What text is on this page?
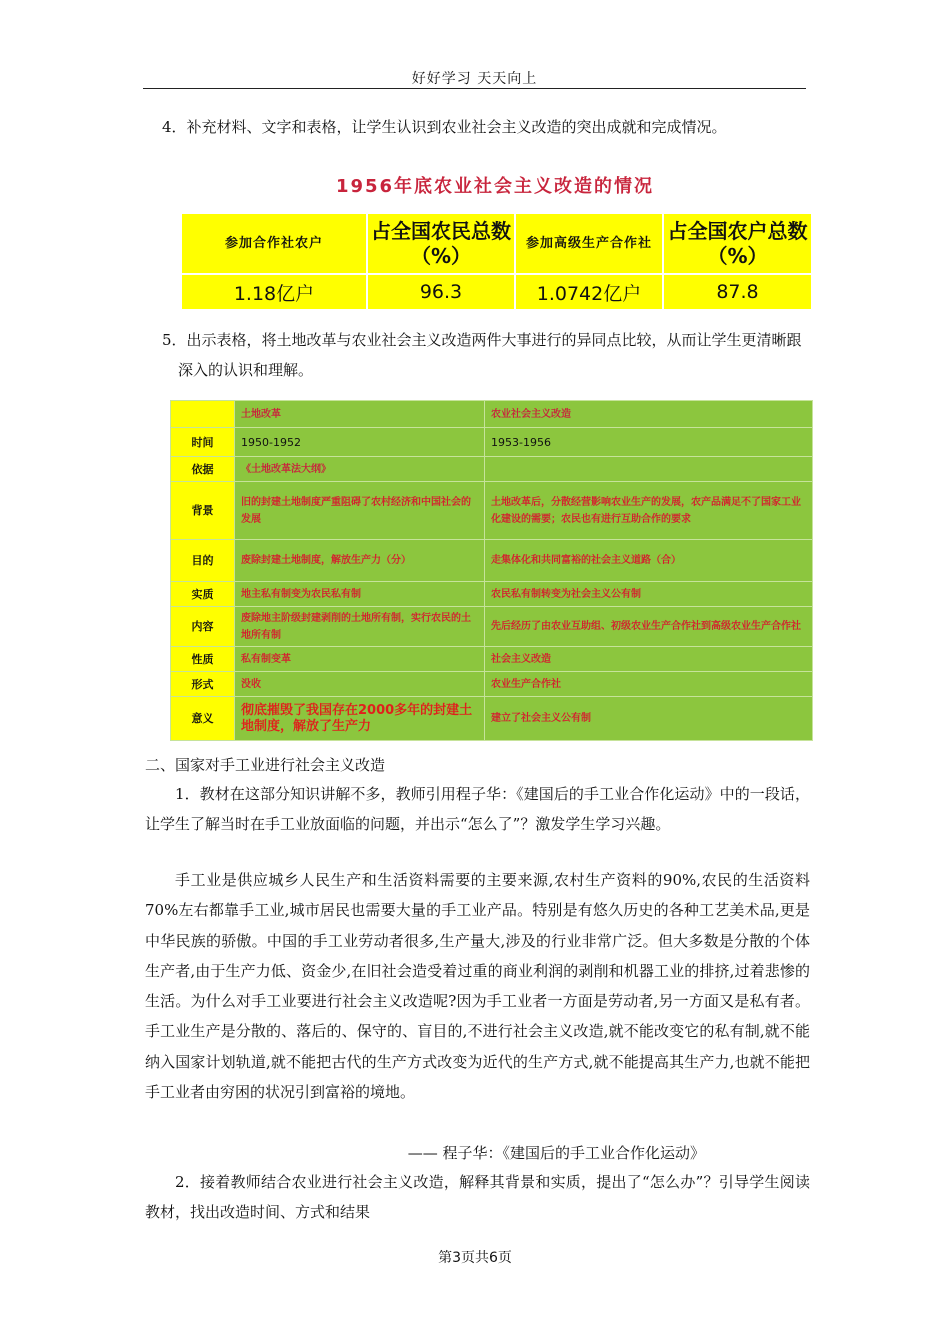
好好学习 天天向上

4．补充材料、文字和表格，让学生认识到农业社会主义改造的突出成就和完成情况。

1956年底农业社会主义改造的情况
参加合作社农户	占全国农民总数（%）	参加高级生产合作社	占全国农户总数（%）
1.18亿户	96.3	1.0742亿户	87.8

5．出示表格，将土地改革与农业社会主义改造两件大事进行的异同点比较，从而让学生更清晰跟深入的认识和理解。

	土地改革	农业社会主义改造
时间	1950-1952	1953-1956
依据	《土地改革法大纲》	
背景	旧的封建土地制度严重阻碍了农村经济和中国社会的发展	土地改革后，分散经营影响农业生产的发展，农产品满足不了国家工业化建设的需要；农民也有进行互助合作的要求
目的	废除封建土地制度，解放生产力（分）	走集体化和共同富裕的社会主义道路（合）
实质	地主私有制变为农民私有制	农民私有制转变为社会主义公有制
内容	废除地主阶级封建剥削的土地所有制，实行农民的土地所有制	先后经历了由农业互助组、初级农业生产合作社到高级农业生产合作社
性质	私有制变革	社会主义改造
形式	没收	农业生产合作社
意义	彻底摧毁了我国存在2000多年的封建土地制度，解放了生产力	建立了社会主义公有制

二、国家对手工业进行社会主义改造

1．教材在这部分知识讲解不多，教师引用程子华：《建国后的手工业合作化运动》中的一段话，让学生了解当时在手工业放面临的问题，并出示“怎么了”？激发学生学习兴趣。

手工业是供应城乡人民生产和生活资料需要的主要来源,农村生产资料的90%,农民的生活资料70%左右都靠手工业,城市居民也需要大量的手工业产品。特别是有悠久历史的各种工艺美术品,更是中华民族的骄傲。中国的手工业劳动者很多,生产量大,涉及的行业非常广泛。但大多数是分散的个体生产者,由于生产力低、资金少,在旧社会造受着过重的商业利润的剥削和机器工业的排挤,过着悲惨的生活。为什么对手工业要进行社会主义改造呢?因为手工业者一方面是劳动者,另一方面又是私有者。手工业生产是分散的、落后的、保守的、盲目的,不进行社会主义改造,就不能改变它的私有制,就不能纳入国家计划轨道,就不能把古代的生产方式改变为近代的生产方式,就不能提高其生产力,也就不能把手工业者由穷困的状况引到富裕的境地。

—— 程子华：《建国后的手工业合作化运动》

2．接着教师结合农业进行社会主义改造，解释其背景和实质，提出了“怎么办”？引导学生阅读教材，找出改造时间、方式和结果

第3页共6页
